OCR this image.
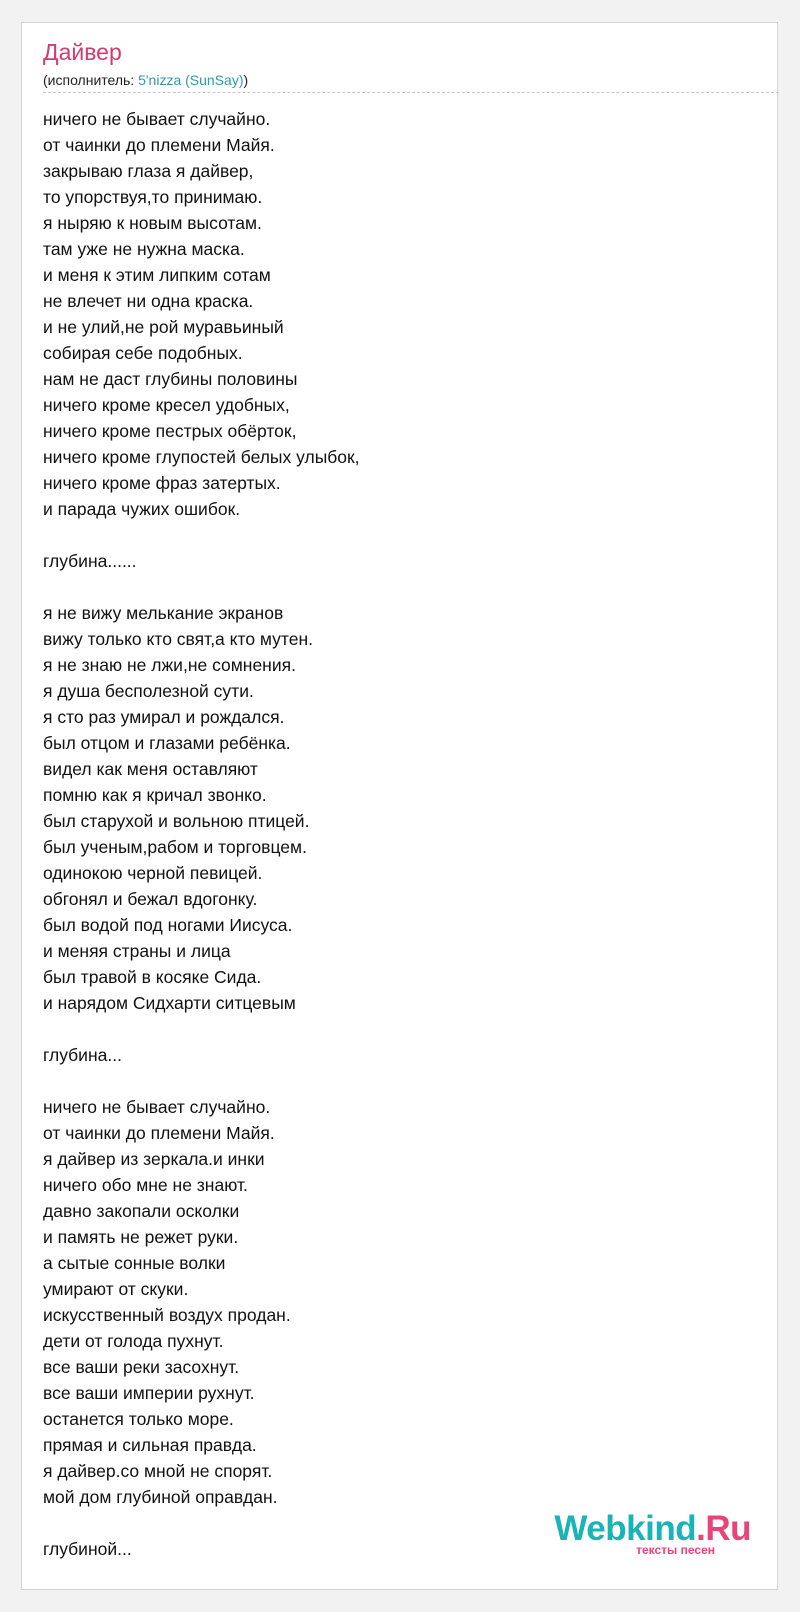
Дайвер
(исполнитель: 5'nizza (SunSay))
ничего не бывает случайно.
от чаинки до племени Майя.
закрываю глаза я дайвер,
то упорствуя,то принимаю.
я ныряю к новым высотам.
там уже не нужна маска.
и меня к этим липким сотам
не влечет ни одна краска.
и не улий,не рой муравьиный
собирая себе подобных.
нам не даст глубины половины
ничего кроме кресел удобных,
ничего кроме пестрых обёрток,
ничего кроме глупостей белых улыбок,
ничего кроме фраз затертых.
и парада чужих ошибок.
глубина......
я не вижу мелькание экранов
вижу только кто свят,а кто мутен.
я не знаю не лжи,не сомнения.
я душа бесполезной сути.
я сто раз умирал и рождался.
был отцом и глазами ребёнка.
видел как меня оставляют
помню как я кричал звонко.
был старухой и вольною птицей.
был ученым,рабом и торговцем.
одинокою черной певицей.
обгонял и бежал вдогонку.
был водой под ногами Иисуса.
и меняя страны и лица
был травой в косяке Сида.
и нарядом Сидхарти ситцевым
глубина...
ничего не бывает случайно.
от чаинки до племени Майя.
я дайвер из зеркала.и инки
ничего обо мне не знают.
давно закопали осколки
и память не режет руки.
а сытые сонные волки
умирают от скуки.
искусственный воздух продан.
дети от голода пухнут.
все ваши реки засохнут.
все ваши империи рухнут.
останется только море.
прямая и сильная правда.
я дайвер.со мной не спорят.
мой дом глубиной оправдан.
глубиной...
Webkind.Ru
тексты песен
